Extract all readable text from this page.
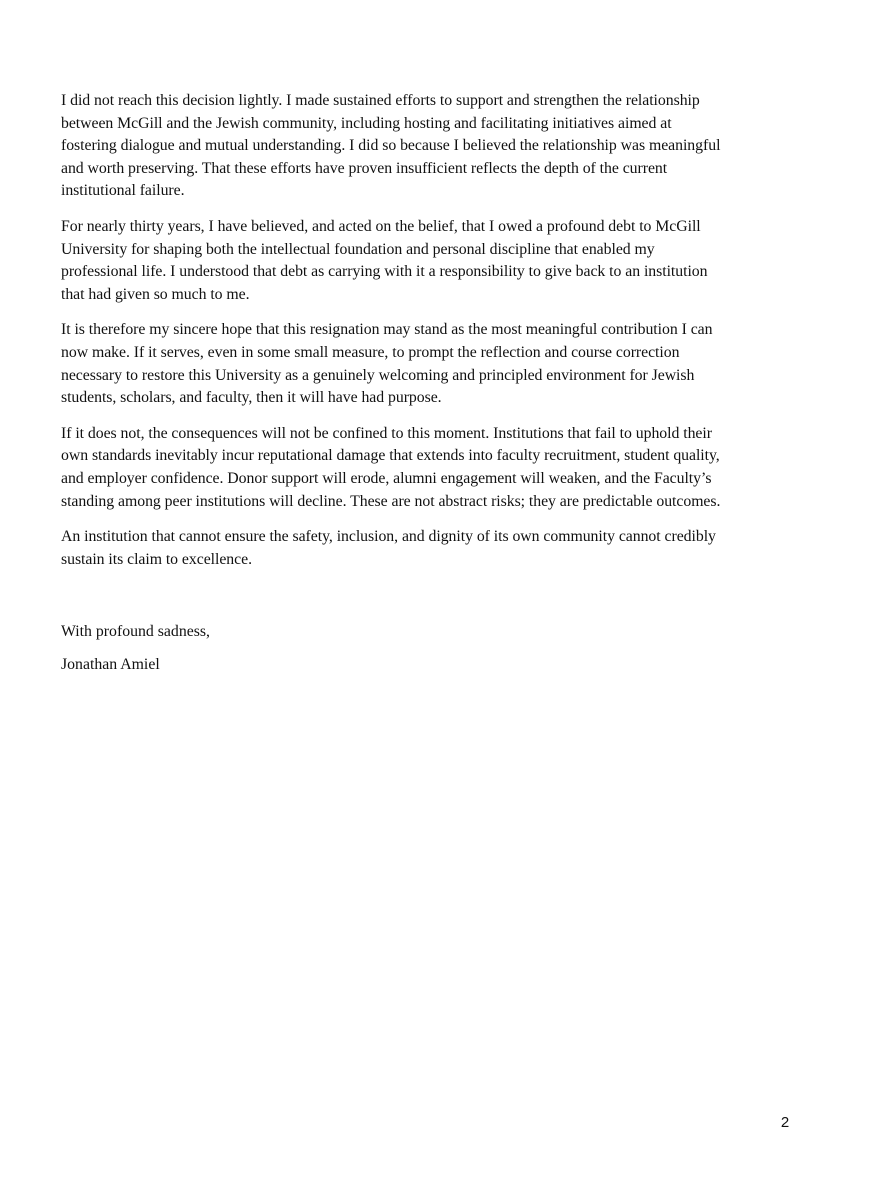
I did not reach this decision lightly. I made sustained efforts to support and strengthen the relationship
between McGill and the Jewish community, including hosting and facilitating initiatives aimed at
fostering dialogue and mutual understanding. I did so because I believed the relationship was meaningful
and worth preserving. That these efforts have proven insufficient reflects the depth of the current
institutional failure.

For nearly thirty years, I have believed, and acted on the belief, that I owed a profound debt to McGill
University for shaping both the intellectual foundation and personal discipline that enabled my
professional life. I understood that debt as carrying with it a responsibility to give back to an institution
that had given so much to me.

It is therefore my sincere hope that this resignation may stand as the most meaningful contribution I can
now make. If it serves, even in some small measure, to prompt the reflection and course correction
necessary to restore this University as a genuinely welcoming and principled environment for Jewish
students, scholars, and faculty, then it will have had purpose.

If it does not, the consequences will not be confined to this moment. Institutions that fail to uphold their
own standards inevitably incur reputational damage that extends into faculty recruitment, student quality,
and employer confidence. Donor support will erode, alumni engagement will weaken, and the Faculty’s
standing among peer institutions will decline. These are not abstract risks; they are predictable outcomes.

An institution that cannot ensure the safety, inclusion, and dignity of its own community cannot credibly
sustain its claim to excellence.

With profound sadness,
Jonathan Amiel
2
